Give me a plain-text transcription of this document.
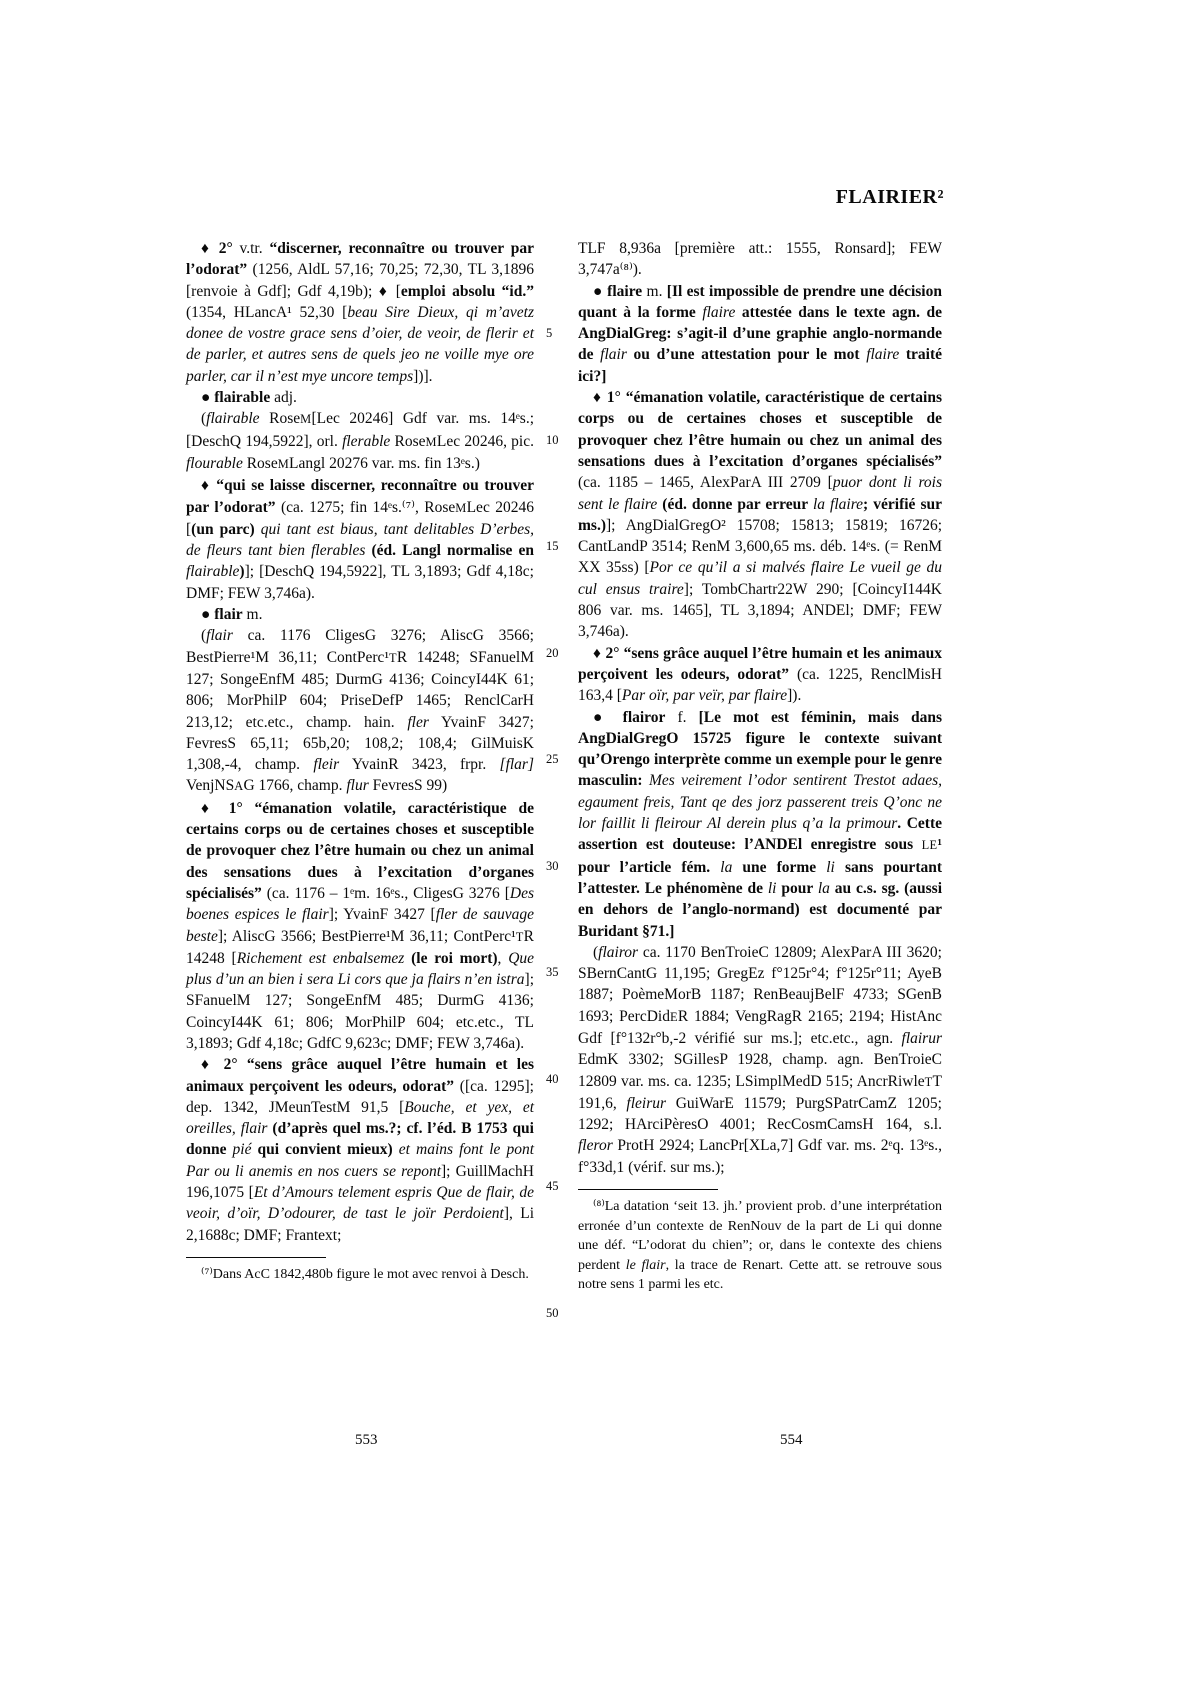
FLAIRIER²
5
10
15
20
25
30
35
40
45
50

♦ 2° v.tr. “discerner, reconnaître ou trouver par l’odorat” (1256, AldL 57,16; 70,25; 72,30, TL 3,1896 [renvoie à Gdf]; Gdf 4,19b); ♦ [emploi absolu “id.” (1354, HLancA¹ 52,30 [beau Sire Dieux, qi m’avetz donee de vostre grace sens d’oier, de veoir, de flerir et de parler, et autres sens de quels jeo ne voille mye ore parler, car il n’est mye uncore temps])].

● flairable adj.

(flairable RoseM[Lec 20246] Gdf var. ms. 14ᵉs.; [DeschQ 194,5922], orl. flerable RoseMLec 20246, pic. flourable RoseMLangl 20276 var. ms. fin 13ᵉs.)

♦ “qui se laisse discerner, reconnaître ou trouver par l’odorat” (ca. 1275; fin 14ᵉs.⁽⁷⁾, RoseMLec 20246 [(un parc) qui tant est biaus, tant delitables D’erbes, de fleurs tant bien flerables (éd. Langl normalise en flairable)]; [DeschQ 194,5922], TL 3,1893; Gdf 4,18c; DMF; FEW 3,746a).

● flair m.

(flair ca. 1176 CligesG 3276; AliscG 3566; BestPierre¹M 36,11; ContPerc¹TR 14248; SFanuelM 127; SongeEnfM 485; DurmG 4136; CoincyI44K 61; 806; MorPhilP 604; PriseDefP 1465; RenclCarH 213,12; etc.etc., champ. hain. fler YvainF 3427; FevresS 65,11; 65b,20; 108,2; 108,4; GilMuisK 1,308,-4, champ. fleir YvainR 3423, frpr. [flar] VenjNSAG 1766, champ. flur FevresS 99)

♦ 1° “émanation volatile, caractéristique de certains corps ou de certaines choses et susceptible de provoquer chez l’être humain ou chez un animal des sensations dues à l’excitation d’organes spécialisés” (ca. 1176 – 1ᵉm. 16ᵉs., CligesG 3276 [Des boenes espices le flair]; YvainF 3427 [fler de sauvage beste]; AliscG 3566; BestPierre¹M 36,11; ContPerc¹TR 14248 [Richement est enbalsemez (le roi mort), Que plus d’un an bien i sera Li cors que ja flairs n’en istra]; SFanuelM 127; SongeEnfM 485; DurmG 4136; CoincyI44K 61; 806; MorPhilP 604; etc.etc., TL 3,1893; Gdf 4,18c; GdfC 9,623c; DMF; FEW 3,746a).

♦ 2° “sens grâce auquel l’être humain et les animaux perçoivent les odeurs, odorat” ([ca. 1295]; dep. 1342, JMeunTestM 91,5 [Bouche, et yex, et oreilles, flair (d’après quel ms.?; cf. l’éd. B 1753 qui donne pié qui convient mieux) et mains font le pont Par ou li anemis en nos cuers se repont]; GuillMachH 196,1075 [Et d’Amours telement espris Que de flair, de veoir, d’oïr, D’odourer, de tast le joïr Perdoient], Li 2,1688c; DMF; Frantext;

⁽⁷⁾Dans AcC 1842,480b figure le mot avec renvoi à Desch.

TLF 8,936a [première att.: 1555, Ronsard]; FEW 3,747a⁽⁸⁾).

● flaire m. [Il est impossible de prendre une décision quant à la forme flaire attestée dans le texte agn. de AngDialGreg: s’agit-il d’une graphie anglo-normande de flair ou d’une attestation pour le mot flaire traité ici?]

♦ 1° “émanation volatile, caractéristique de certains corps ou de certaines choses et susceptible de provoquer chez l’être humain ou chez un animal des sensations dues à l’excitation d’organes spécialisés” (ca. 1185 – 1465, AlexParA III 2709 [puor dont li rois sent le flaire (éd. donne par erreur la flaire; vérifié sur ms.)]; AngDialGregO² 15708; 15813; 15819; 16726; CantLandP 3514; RenM 3,600,65 ms. déb. 14ᵉs. (= RenM XX 35ss) [Por ce qu’il a si malvés flaire Le vueil ge du cul ensus traire]; TombChartr22W 290; [CoincyI144K 806 var. ms. 1465], TL 3,1894; ANDEl; DMF; FEW 3,746a).

♦ 2° “sens grâce auquel l’être humain et les animaux perçoivent les odeurs, odorat” (ca. 1225, RenclMisH 163,4 [Par oïr, par veïr, par flaire]).

● flairor f. [Le mot est féminin, mais dans AngDialGregO 15725 figure le contexte suivant qu’Orengo interprète comme un exemple pour le genre masculin: Mes veirement l’odor sentirent Trestot adaes, egaument freis, Tant qe des jorz passerent treis Q’onc ne lor faillit li fleirour Al derein plus q’a la primour. Cette assertion est douteuse: l’ANDEl enregistre sous LE¹ pour l’article fém. la une forme li sans pourtant l’attester. Le phénomène de li pour la au c.s. sg. (aussi en dehors de l’anglo-normand) est documenté par Buridant §71.]

(flairor ca. 1170 BenTroieC 12809; AlexParA III 3620; SBernCantG 11,195; GregEz f°125r°4; f°125r°11; AyeB 1887; PoèmeMorB 1187; RenBeaujBelF 4733; SGenB 1693; PercDidER 1884; VengRagR 2165; 2194; HistAnc Gdf [f°132r°b,-2 vérifié sur ms.]; etc.etc., agn. flairur EdmK 3302; SGillesP 1928, champ. agn. BenTroieC 12809 var. ms. ca. 1235; LSimplMedD 515; AncrRiwleTT 191,6, fleirur GuiWarE 11579; PurgSPatrCamZ 1205; 1292; HArciPèresO 4001; RecCosmCamsH 164, s.l. fleror ProtH 2924; LancPr[XLa,7] Gdf var. ms. 2ᵉq. 13ᵉs., f°33d,1 (vérif. sur ms.);

⁽⁸⁾La datation ‘seit 13. jh.’ provient prob. d’une interprétation erronée d’un contexte de RenNouv de la part de Li qui donne une déf. “L’odorat du chien”; or, dans le contexte des chiens perdent le flair, la trace de Renart. Cette att. se retrouve sous notre sens 1 parmi les etc.

553	554
